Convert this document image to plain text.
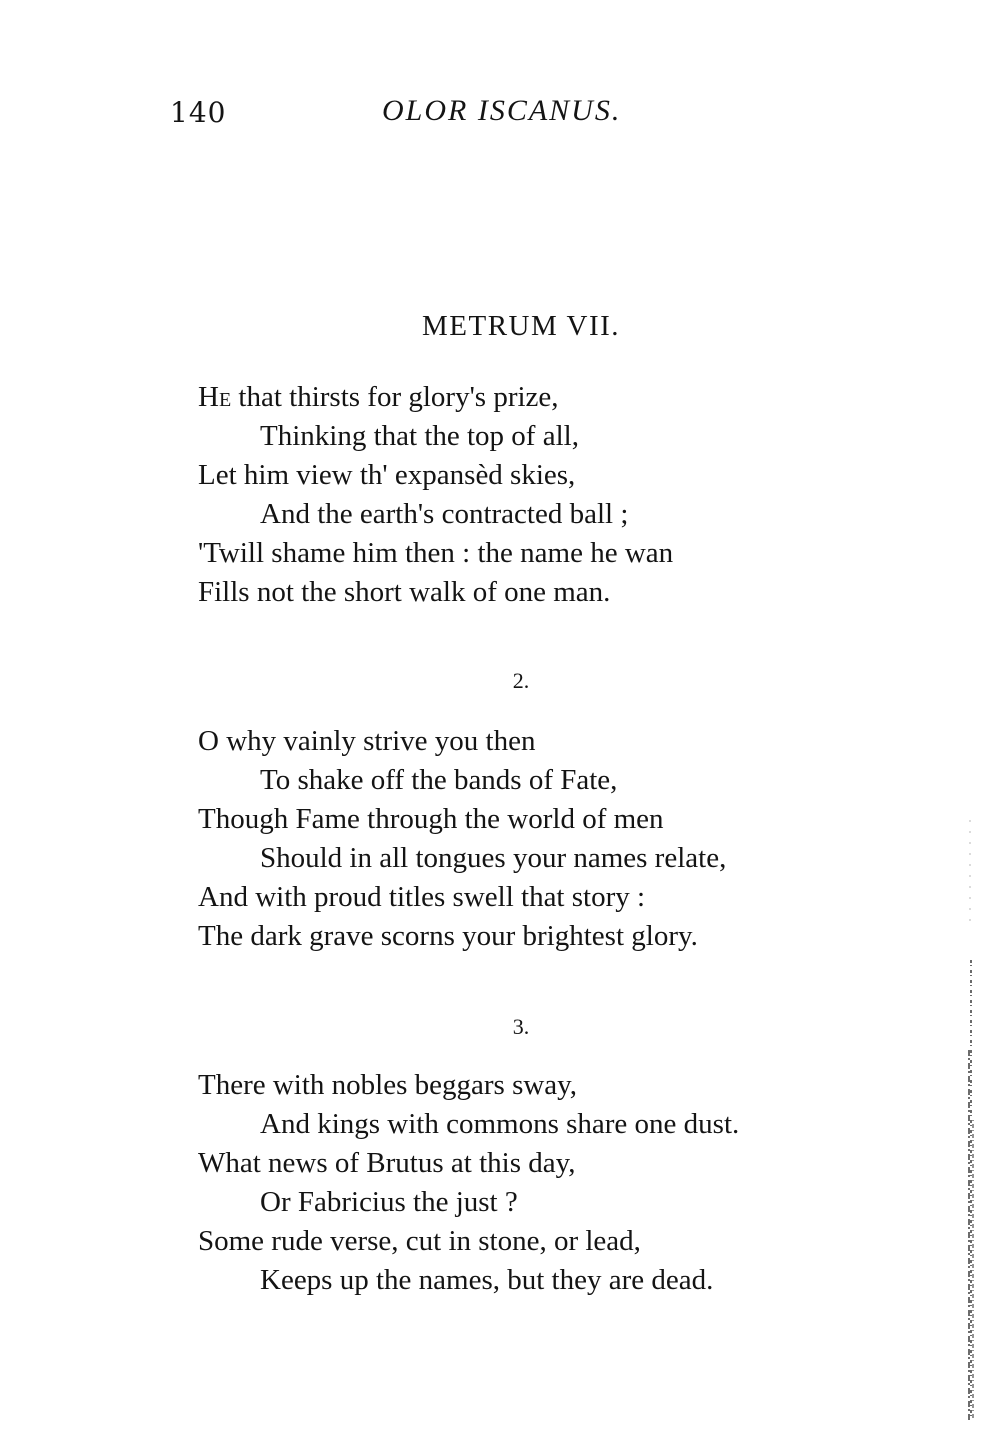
140	OLOR ISCANUS.
METRUM VII.
He that thirsts for glory's prize,
Thinking that the top of all,
Let him view th' expansèd skies,
And the earth's contracted ball ;
'Twill shame him then : the name he wan
Fills not the short walk of one man.
2.
O why vainly strive you then
To shake off the bands of Fate,
Though Fame through the world of men
Should in all tongues your names relate,
And with proud titles swell that story :
The dark grave scorns your brightest glory.
3.
There with nobles beggars sway,
And kings with commons share one dust.
What news of Brutus at this day,
Or Fabricius the just ?
Some rude verse, cut in stone, or lead,
Keeps up the names, but they are dead.
